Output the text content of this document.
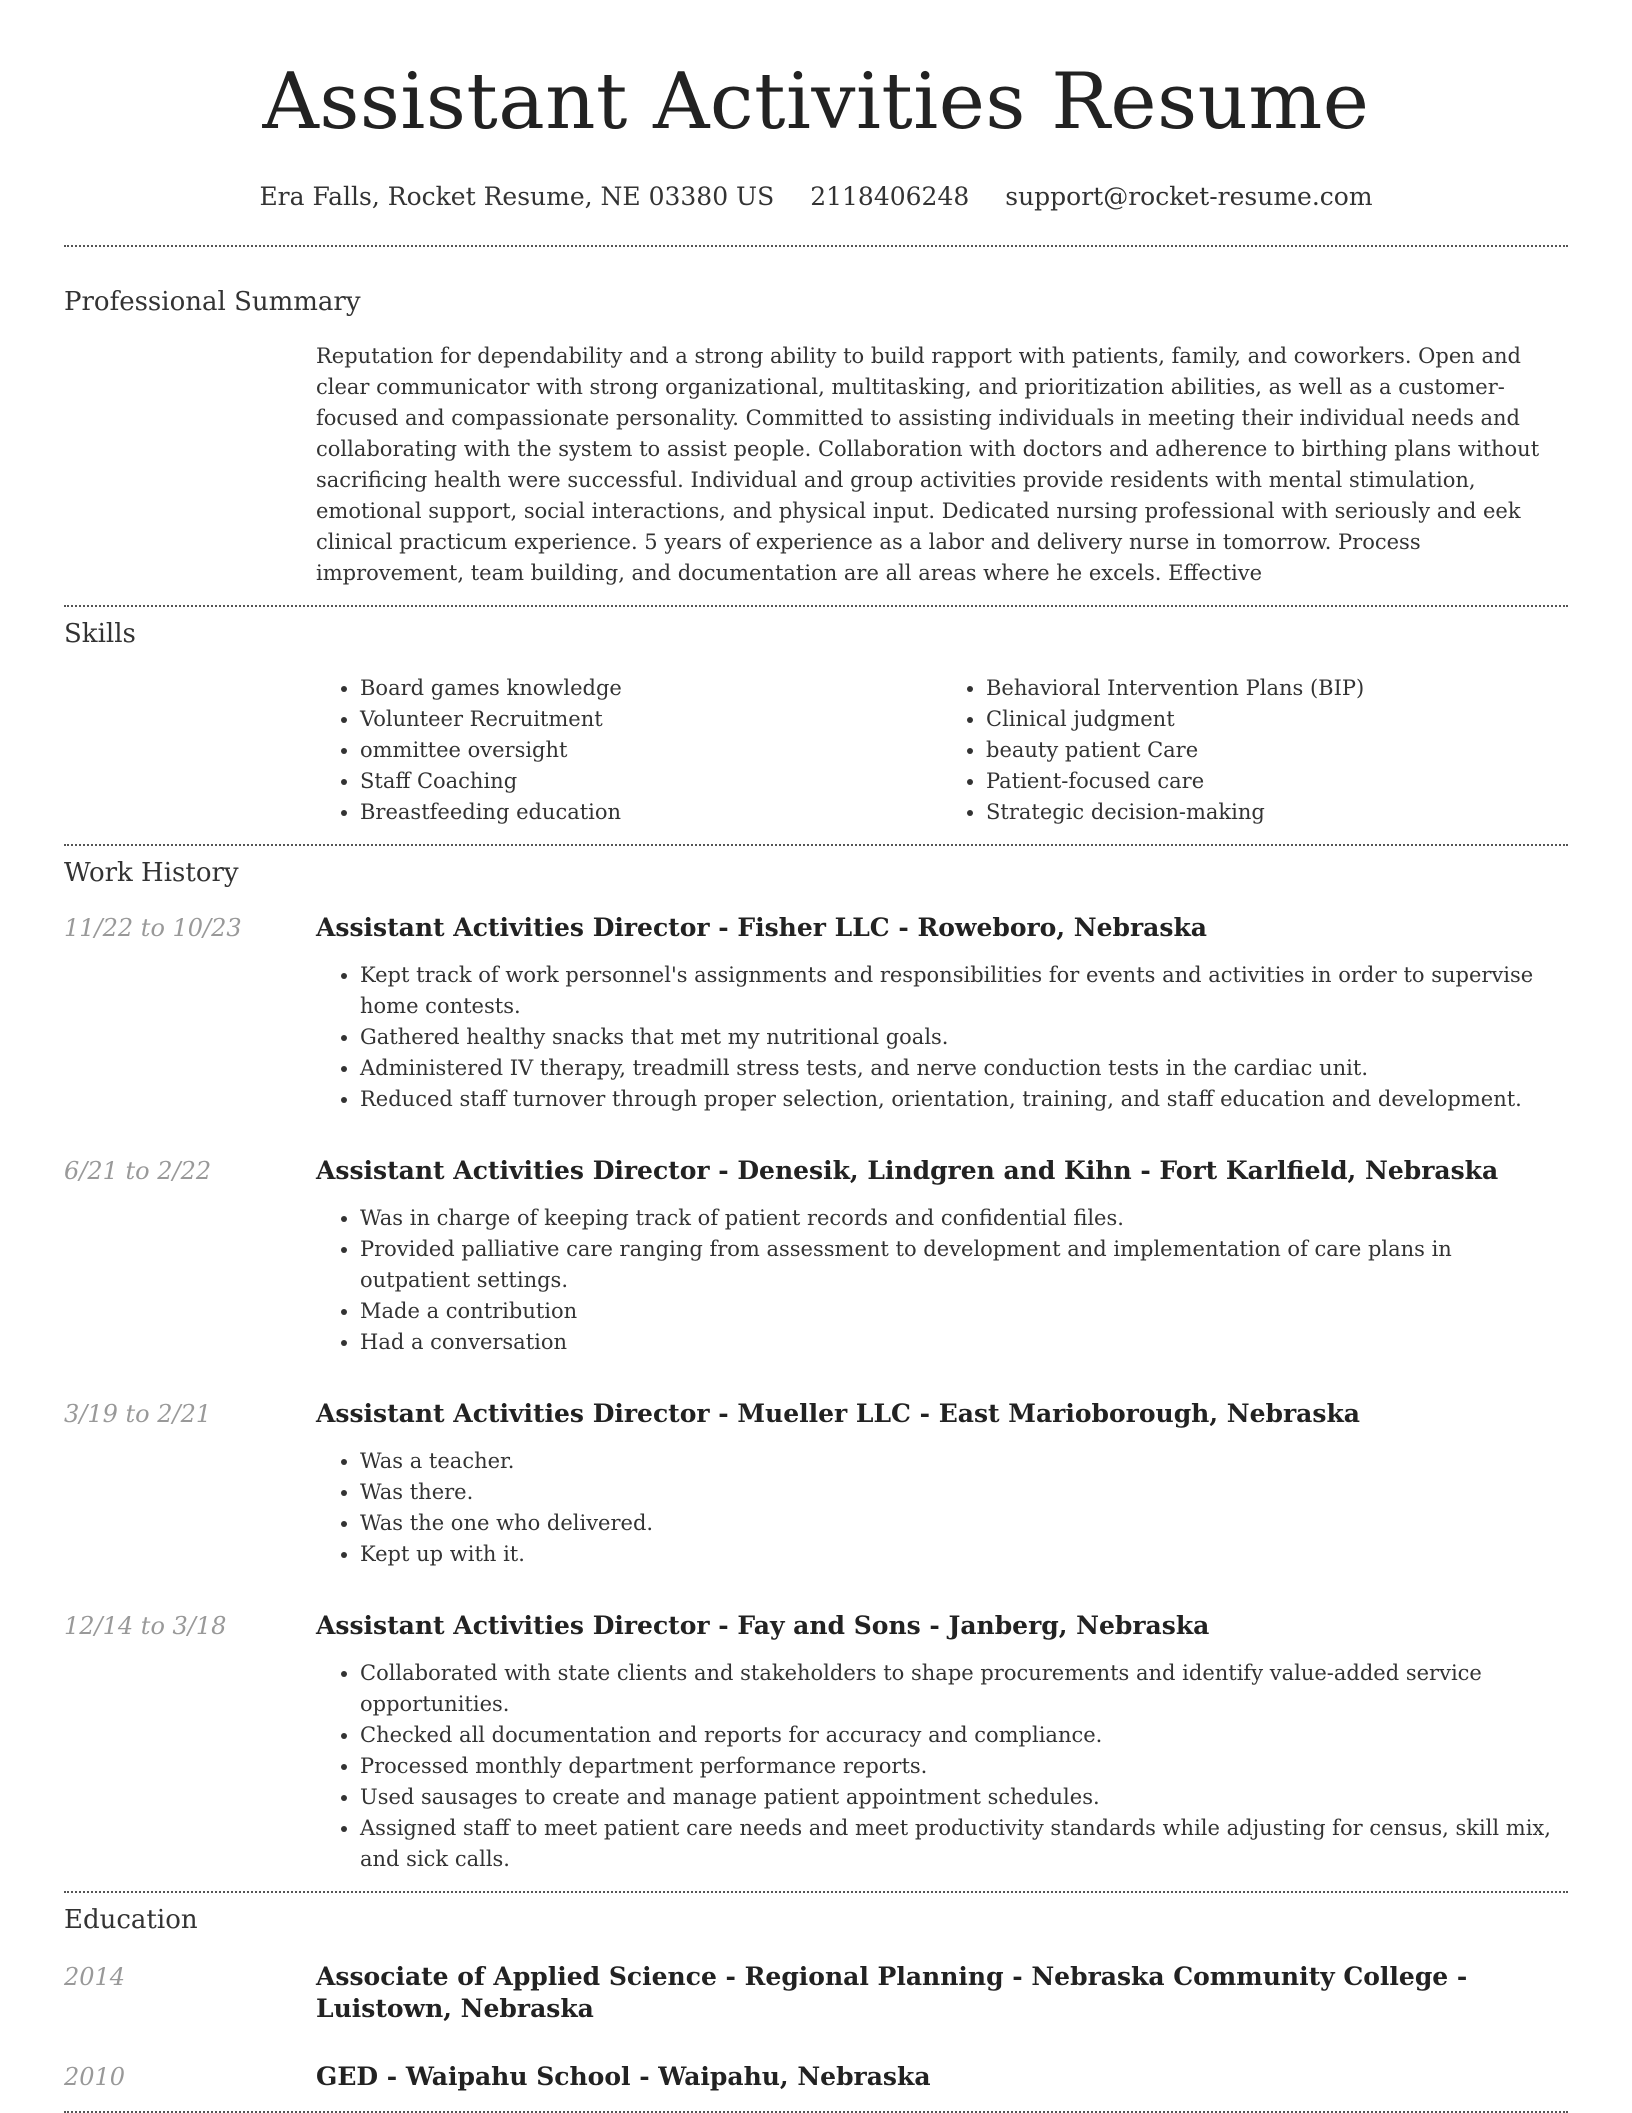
Assistant Activities Resume
Era Falls, Rocket Resume, NE 03380 US 2118406248 support@rocket-resume.com
Professional Summary

Reputation for dependability and a strong ability to build rapport with patients, family, and coworkers. Open and clear communicator with strong organizational, multitasking, and prioritization abilities, as well as a customer-focused and compassionate personality. Committed to assisting individuals in meeting their individual needs and collaborating with the system to assist people. Collaboration with doctors and adherence to birthing plans without sacrificing health were successful. Individual and group activities provide residents with mental stimulation, emotional support, social interactions, and physical input. Dedicated nursing professional with seriously and eek clinical practicum experience. 5 years of experience as a labor and delivery nurse in tomorrow. Process improvement, team building, and documentation are all areas where he excels. Effective

Skills
• Board games knowledge
• Volunteer Recruitment
• ommittee oversight
• Staff Coaching
• Breastfeeding education
• Behavioral Intervention Plans (BIP)
• Clinical judgment
• beauty patient Care
• Patient-focused care
• Strategic decision-making
Work History
11/22 to 10/23	Assistant Activities Director - Fisher LLC - Roweboro, Nebraska
• Kept track of work personnel's assignments and responsibilities for events and activities in order to supervise home contests.
• Gathered healthy snacks that met my nutritional goals.
• Administered IV therapy, treadmill stress tests, and nerve conduction tests in the cardiac unit.
• Reduced staff turnover through proper selection, orientation, training, and staff education and development.
6/21 to 2/22	Assistant Activities Director - Denesik, Lindgren and Kihn - Fort Karlfield, Nebraska
• Was in charge of keeping track of patient records and confidential files.
• Provided palliative care ranging from assessment to development and implementation of care plans in outpatient settings.
• Made a contribution
• Had a conversation
3/19 to 2/21	Assistant Activities Director - Mueller LLC - East Marioborough, Nebraska
• Was a teacher.
• Was there.
• Was the one who delivered.
• Kept up with it.
12/14 to 3/18	Assistant Activities Director - Fay and Sons - Janberg, Nebraska
• Collaborated with state clients and stakeholders to shape procurements and identify value-added service opportunities.
• Checked all documentation and reports for accuracy and compliance.
• Processed monthly department performance reports.
• Used sausages to create and manage patient appointment schedules.
• Assigned staff to meet patient care needs and meet productivity standards while adjusting for census, skill mix, and sick calls.
Education
2014	Associate of Applied Science - Regional Planning - Nebraska Community College - Luistown, Nebraska
2010	GED - Waipahu School - Waipahu, Nebraska
